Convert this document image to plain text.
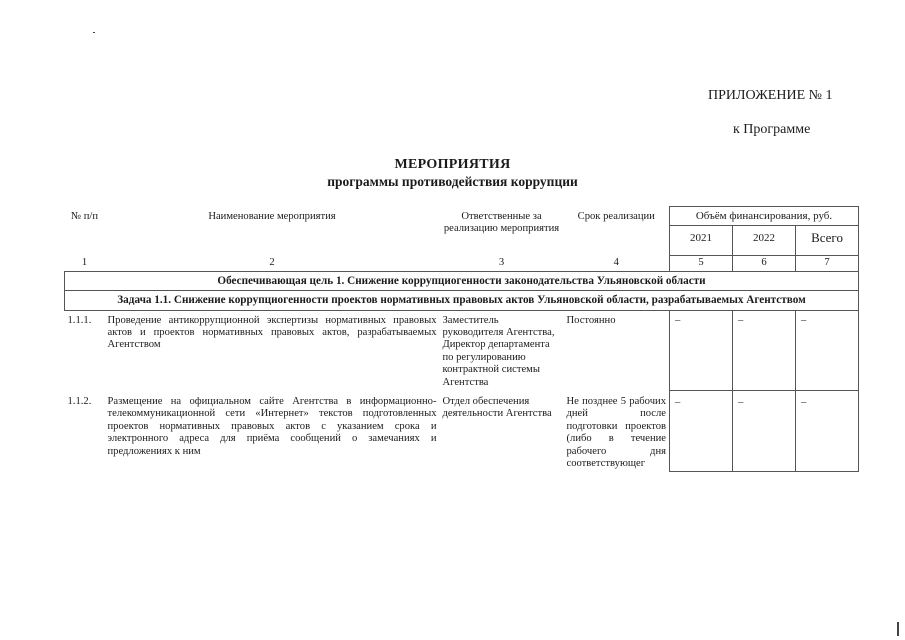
ПРИЛОЖЕНИЕ № 1
к Программе
МЕРОПРИЯТИЯ
программы противодействия коррупции
№ п/п	Наименование мероприятия	Ответственные за реализацию мероприятия	Срок реализации	Объём финансирования, руб.		
				2021	2022	Всего
1	2	3	4	5	6	7
Обеспечивающая цель 1. Снижение коррупциогенности законодательства Ульяновской области						
Задача 1.1. Снижение коррупциогенности проектов нормативных правовых актов Ульяновской области, разрабатываемых Агентством						
1.1.1.	Проведение антикоррупционной экспертизы нормативных правовых актов и проектов нормативных правовых актов, разрабатываемых Агентством	Заместитель руководителя Агентства, Директор департамента по регулированию контрактной системы Агентства	Постоянно	–	–	–
1.1.2.	Размещение на официальном сайте Агентства в информационно-телекоммуникационной сети «Интернет» текстов подготовленных проектов нормативных правовых актов с указанием срока и электронного адреса для приёма сообщений о замечаниях и предложениях к ним	Отдел обеспечения деятельности Агентства	Не позднее 5 рабочих дней после подготовки проектов (либо в течение рабочего дня соответствующег	–	–	–
